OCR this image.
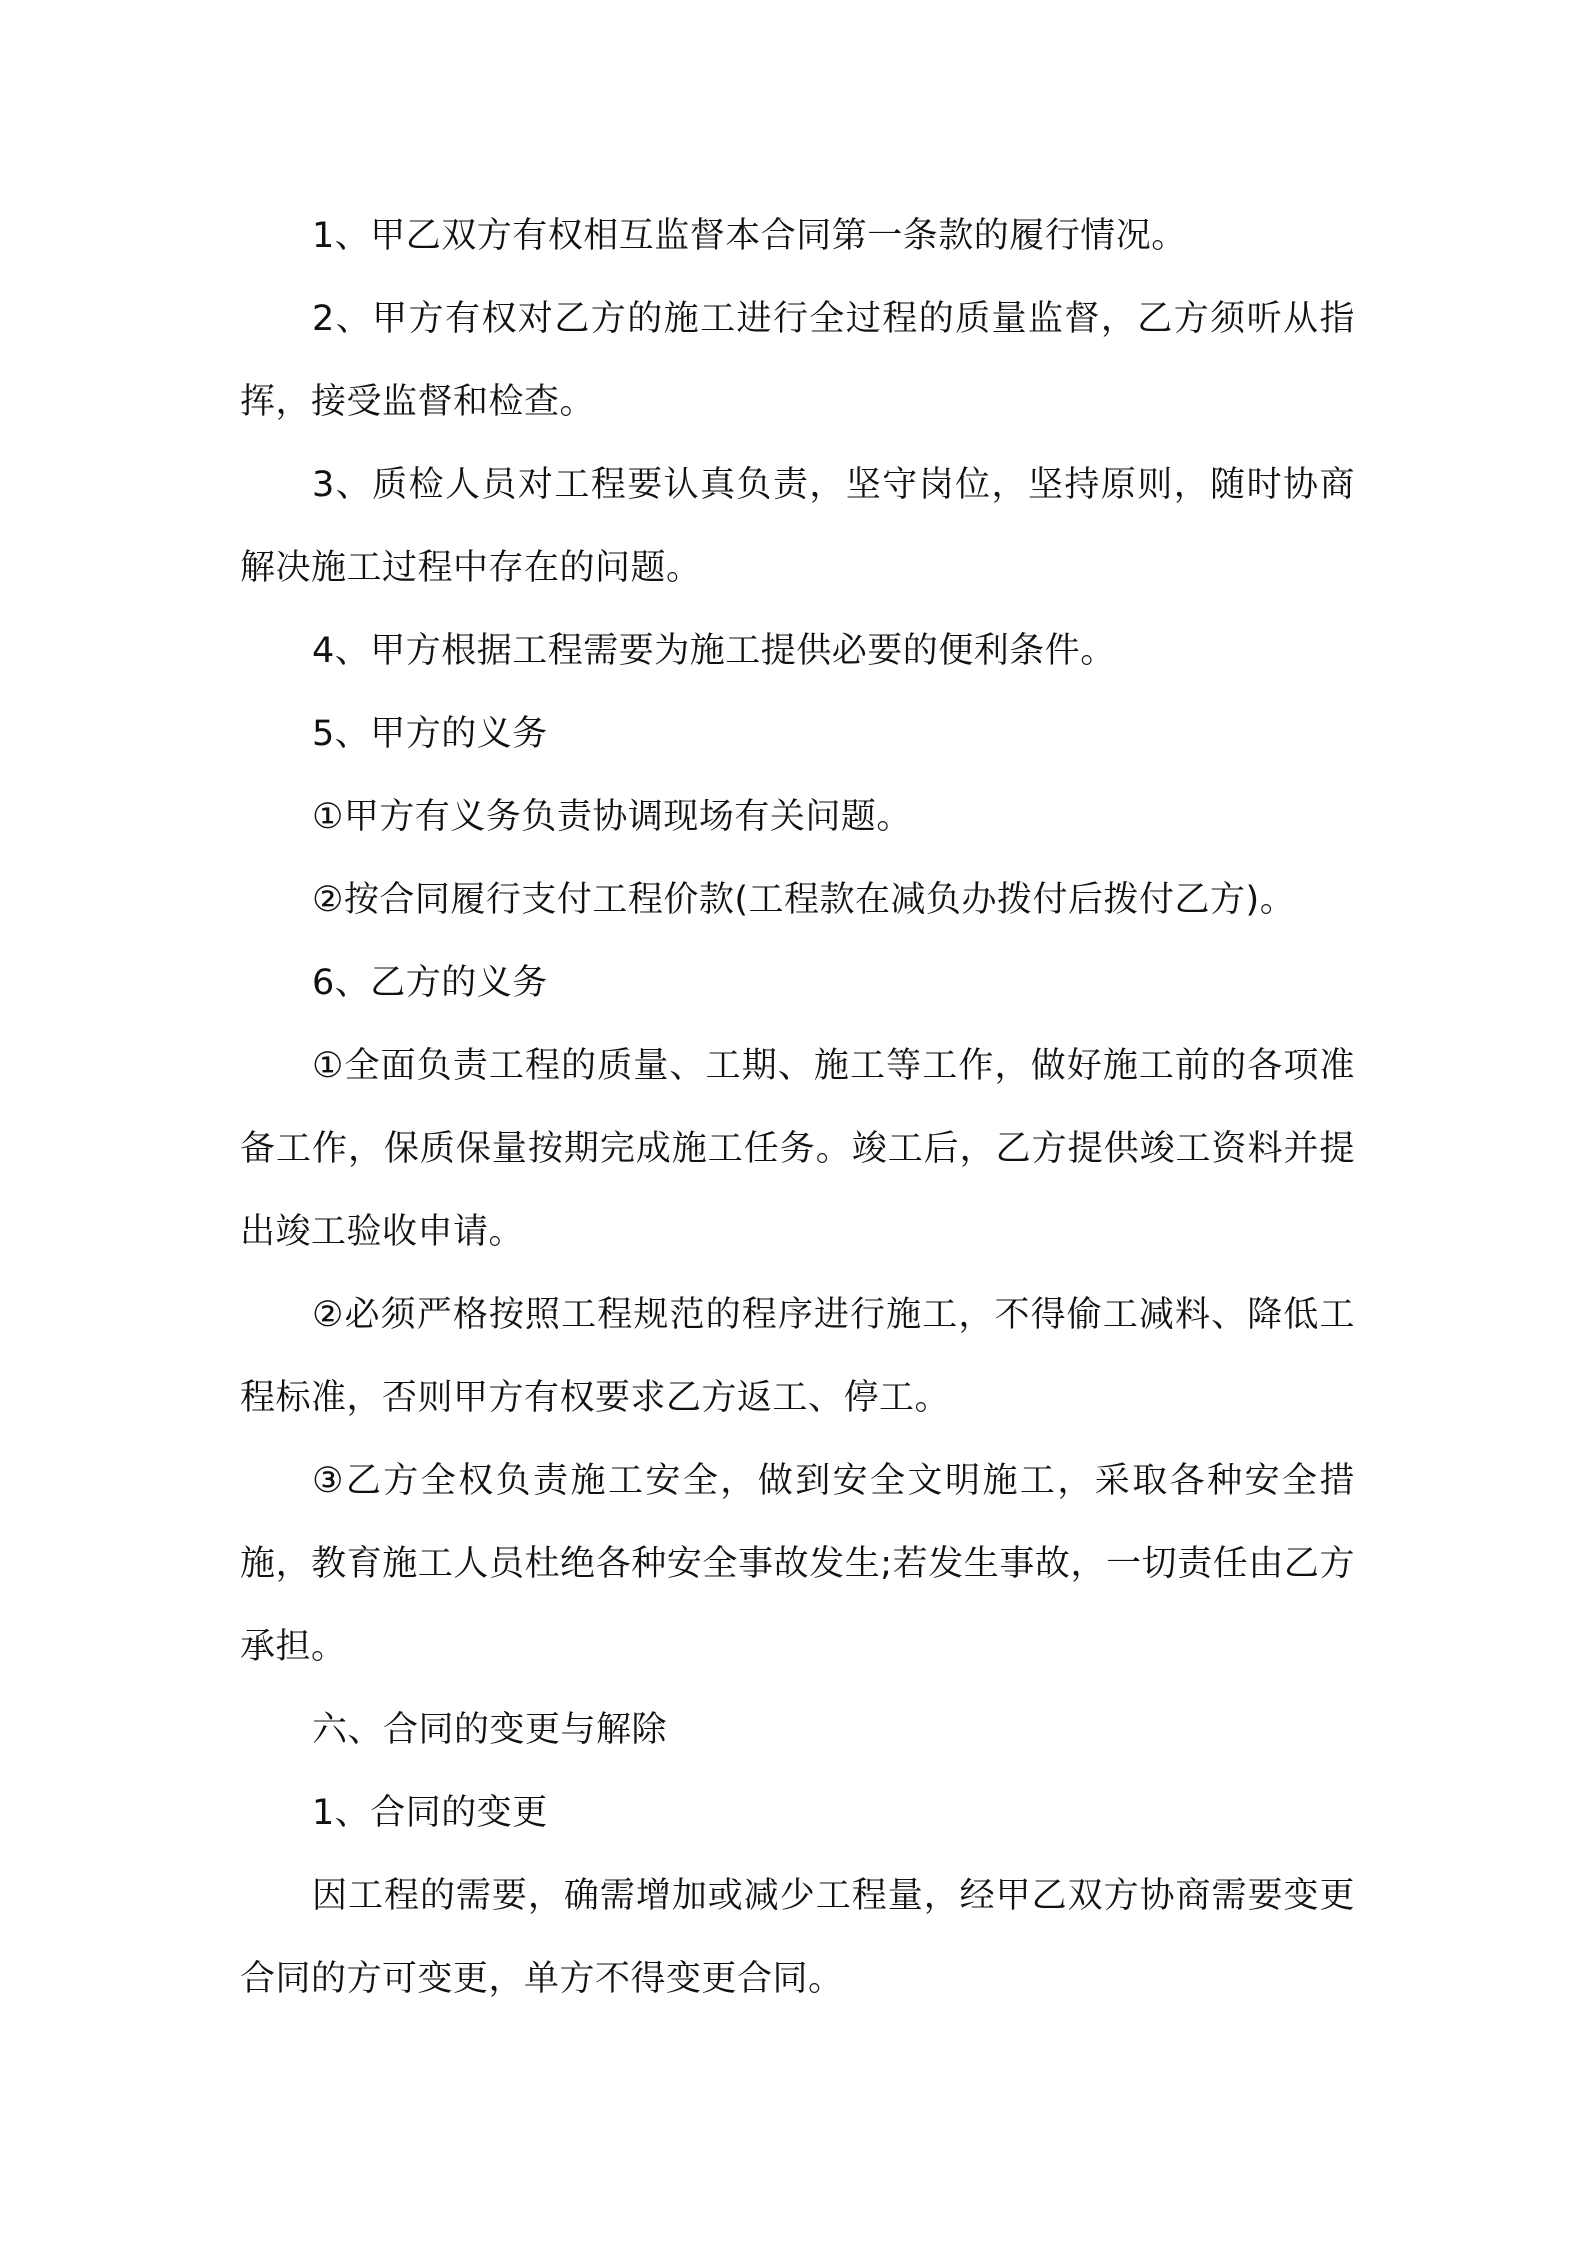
1、甲乙双方有权相互监督本合同第一条款的履行情况。

2、甲方有权对乙方的施工进行全过程的质量监督，乙方须听从指挥，接受监督和检查。

3、质检人员对工程要认真负责，坚守岗位，坚持原则，随时协商解决施工过程中存在的问题。

4、甲方根据工程需要为施工提供必要的便利条件。

5、甲方的义务

①甲方有义务负责协调现场有关问题。

②按合同履行支付工程价款(工程款在减负办拨付后拨付乙方)。

6、乙方的义务

①全面负责工程的质量、工期、施工等工作，做好施工前的各项准备工作，保质保量按期完成施工任务。竣工后，乙方提供竣工资料并提出竣工验收申请。

②必须严格按照工程规范的程序进行施工，不得偷工减料、降低工程标准，否则甲方有权要求乙方返工、停工。

③乙方全权负责施工安全，做到安全文明施工，采取各种安全措施，教育施工人员杜绝各种安全事故发生;若发生事故，一切责任由乙方承担。

六、合同的变更与解除

1、合同的变更

因工程的需要，确需增加或减少工程量，经甲乙双方协商需要变更合同的方可变更，单方不得变更合同。
